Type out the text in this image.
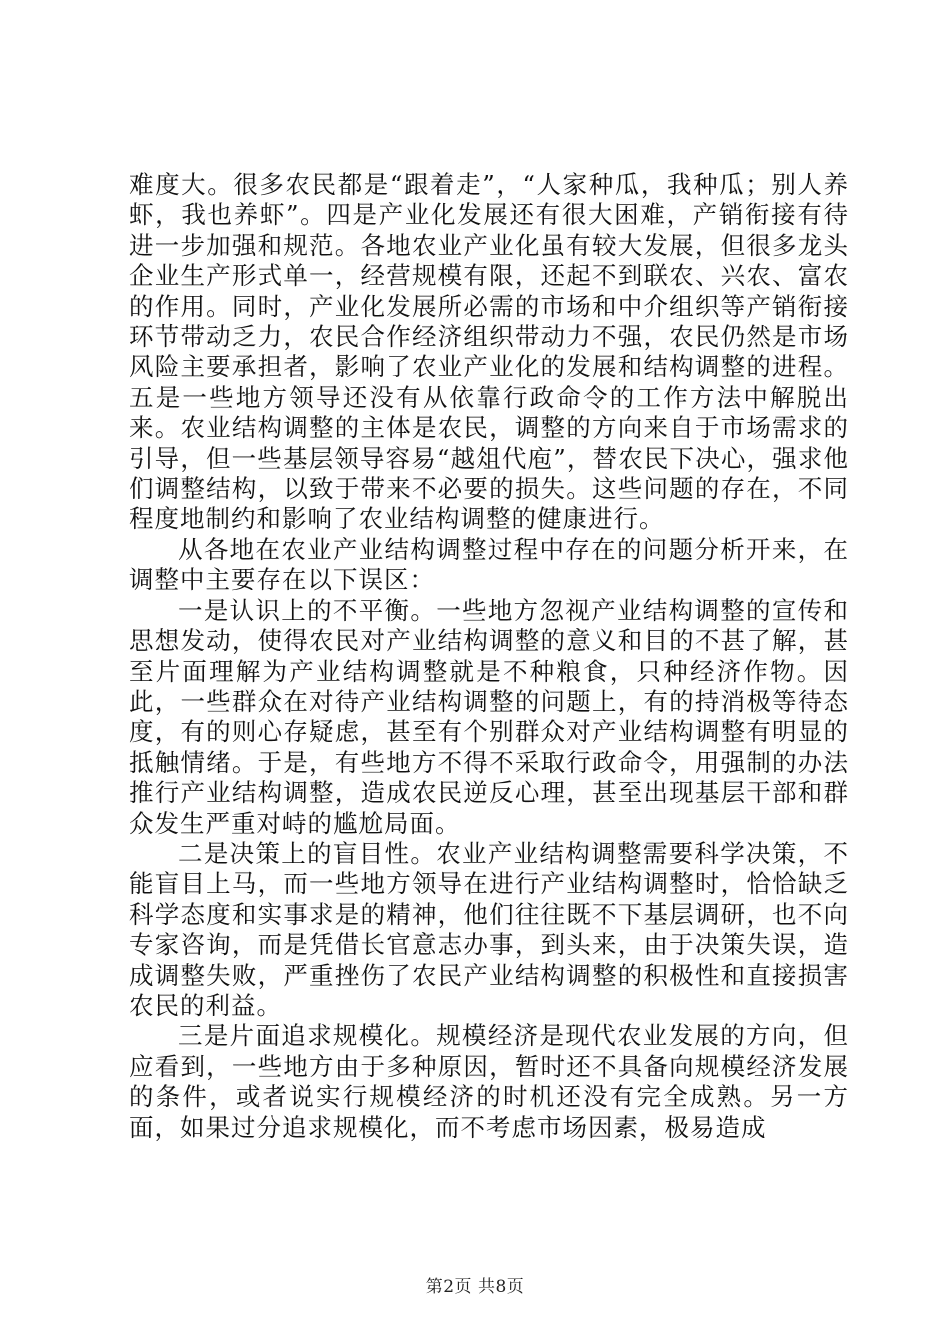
难度大。很多农民都是“跟着走”，“人家种瓜，我种瓜；别人养虾，我也养虾”。四是产业化发展还有很大困难，产销衔接有待进一步加强和规范。各地农业产业化虽有较大发展，但很多龙头企业生产形式单一，经营规模有限，还起不到联农、兴农、富农的作用。同时，产业化发展所必需的市场和中介组织等产销衔接环节带动乏力，农民合作经济组织带动力不强，农民仍然是市场风险主要承担者，影响了农业产业化的发展和结构调整的进程。五是一些地方领导还没有从依靠行政命令的工作方法中解脱出来。农业结构调整的主体是农民，调整的方向来自于市场需求的引导，但一些基层领导容易“越俎代庖”，替农民下决心，强求他们调整结构，以致于带来不必要的损失。这些问题的存在，不同程度地制约和影响了农业结构调整的健康进行。

从各地在农业产业结构调整过程中存在的问题分析开来，在调整中主要存在以下误区：

一是认识上的不平衡。一些地方忽视产业结构调整的宣传和思想发动，使得农民对产业结构调整的意义和目的不甚了解，甚至片面理解为产业结构调整就是不种粮食，只种经济作物。因此，一些群众在对待产业结构调整的问题上，有的持消极等待态度，有的则心存疑虑，甚至有个别群众对产业结构调整有明显的抵触情绪。于是，有些地方不得不采取行政命令，用强制的办法推行产业结构调整，造成农民逆反心理，甚至出现基层干部和群众发生严重对峙的尴尬局面。

二是决策上的盲目性。农业产业结构调整需要科学决策，不能盲目上马，而一些地方领导在进行产业结构调整时，恰恰缺乏科学态度和实事求是的精神，他们往往既不下基层调研，也不向专家咨询，而是凭借长官意志办事，到头来，由于决策失误，造成调整失败，严重挫伤了农民产业结构调整的积极性和直接损害农民的利益。

三是片面追求规模化。规模经济是现代农业发展的方向，但应看到，一些地方由于多种原因，暂时还不具备向规模经济发展的条件，或者说实行规模经济的时机还没有完全成熟。另一方面，如果过分追求规模化，而不考虑市场因素，极易造成

第2页 共8页
